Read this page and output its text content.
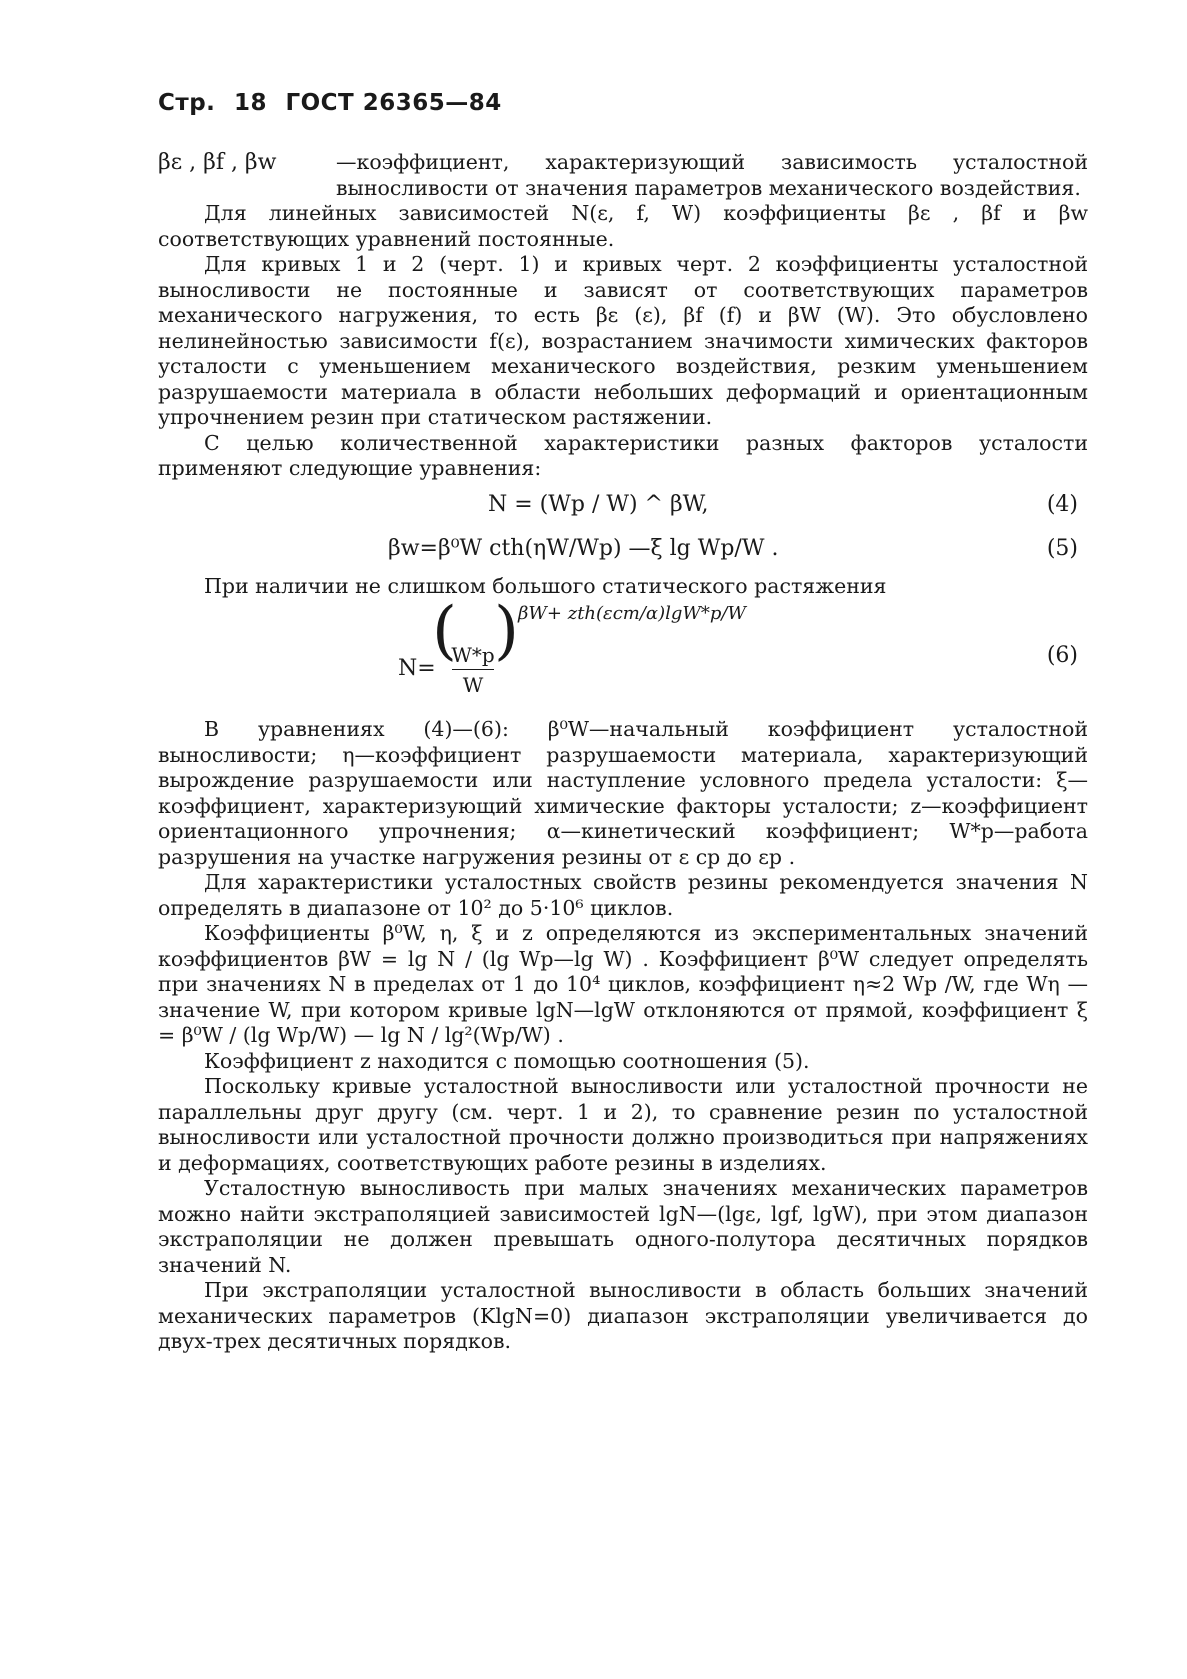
Стр. 18 ГОСТ 26365—84
βε , βf , βw	—коэффициент, характеризующий зависимость усталостной выносливости от значения параметров механического воздействия.

Для линейных зависимостей N(ε, f, W) коэффициенты βε , βf и βw соответствующих уравнений постоянные.

Для кривых 1 и 2 (черт. 1) и кривых черт. 2 коэффициенты усталостной выносливости не постоянные и зависят от соответствующих параметров механического нагружения, то есть βε (ε), βf (f) и βW (W). Это обусловлено нелинейностью зависимости f(ε), возрастанием значимости химических факторов усталости с уменьшением механического воздействия, резким уменьшением разрушаемости материала в области небольших деформаций и ориентационным упрочнением резин при статическом растяжении.

С целью количественной характеристики разных факторов усталости применяют следующие уравнения:

N = (Wp / W) ^ βW,	(4)
βw=β⁰W cth(ηW/Wp) —ξ lg Wp/W .	(5)

При наличии не слишком большого статического растяжения

βW+ zth(εст/α)lgW*p/W
N=
(
W*p
W
)	(6)

В уравнениях (4)—(6): β⁰W—начальный коэффициент усталостной выносливости; η—коэффициент разрушаемости материала, характеризующий вырождение разрушаемости или наступление условного предела усталости: ξ—коэффициент, характеризующий химические факторы усталости; z—коэффициент ориентационного упрочнения; α—кинетический коэффициент; W*p—работа разрушения на участке нагружения резины от ε ср до εр .

Для характеристики усталостных свойств резины рекомендуется значения N определять в диапазоне от 10² до 5·10⁶ циклов.

Коэффициенты β⁰W, η, ξ и z определяются из экспериментальных значений коэффициентов βW = lg N / (lg Wp—lg W) . Коэффициент β⁰W следует определять при значениях N в пределах от 1 до 10⁴ циклов, коэффициент η≈2 Wp /W, где Wη —значение W, при котором кривые lgN—lgW отклоняются от прямой, коэффициент ξ = β⁰W / (lg Wp/W) — lg N / lg²(Wp/W) .

Коэффициент z находится с помощью соотношения (5).

Поскольку кривые усталостной выносливости или усталостной прочности не параллельны друг другу (см. черт. 1 и 2), то сравнение резин по усталостной выносливости или усталостной прочности должно производиться при напряжениях и деформациях, соответствующих работе резины в изделиях.

Усталостную выносливость при малых значениях механических параметров можно найти экстраполяцией зависимостей lgN—(lgε, lgf, lgW), при этом диапазон экстраполяции не должен превышать одного-полутора десятичных порядков значений N.

При экстраполяции усталостной выносливости в область больших значений механических параметров (KlgN=0) диапазон экстраполяции увеличивается до двух-трех десятичных порядков.
